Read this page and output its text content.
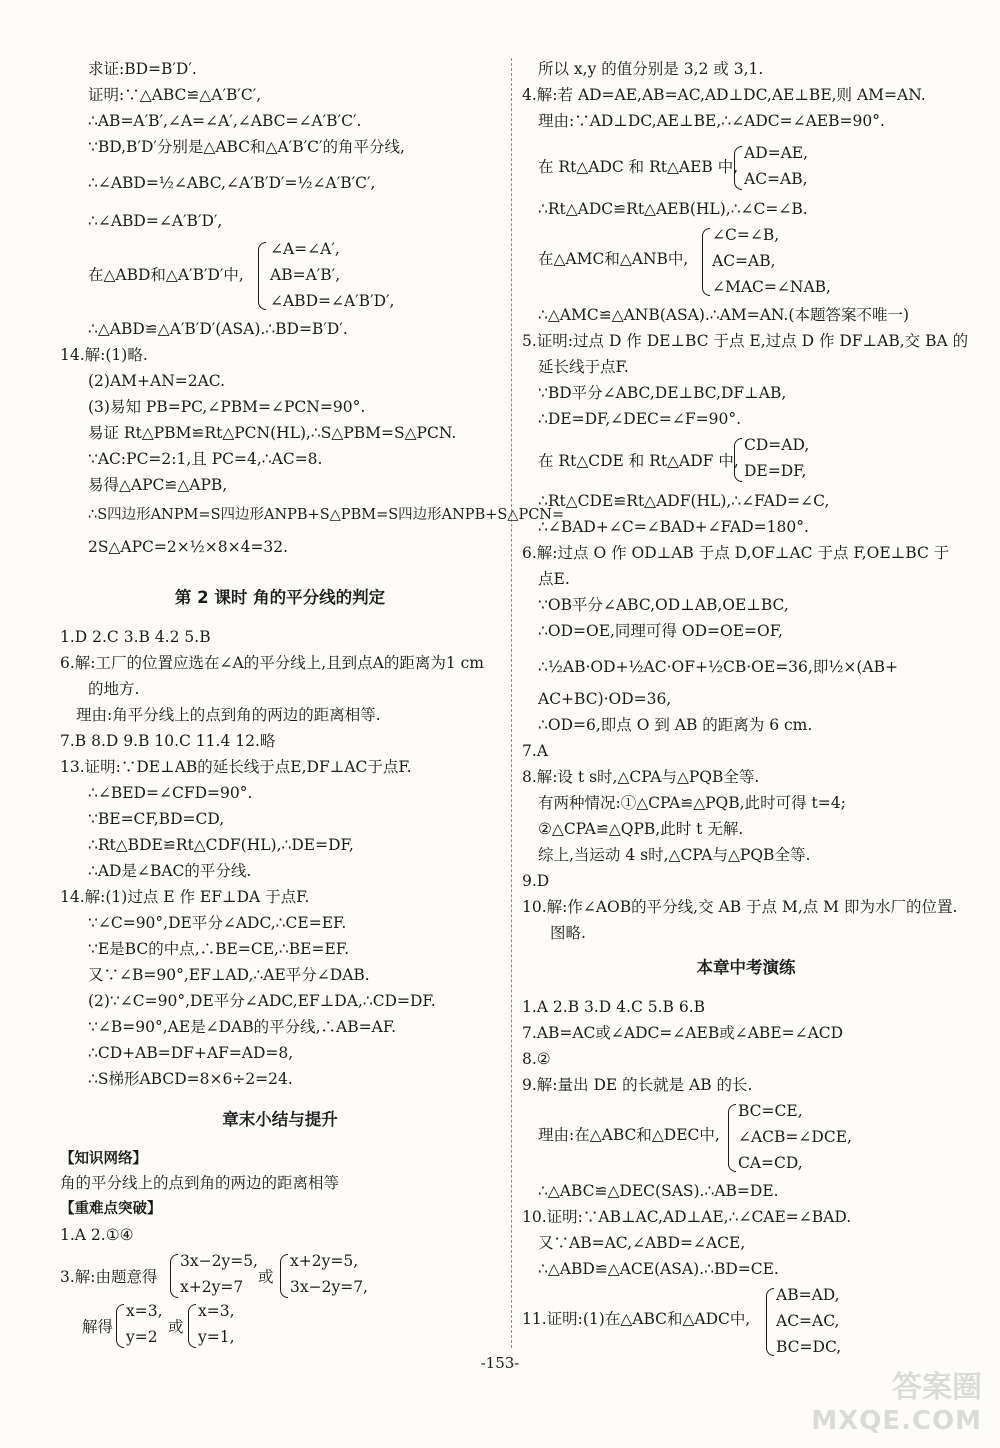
求证:BD=B′D′.
证明:∵△ABC≌△A′B′C′,
∴AB=A′B′,∠A=∠A′,∠ABC=∠A′B′C′.
∵BD,B′D′分别是△ABC和△A′B′C′的角平分线,
∴∠ABD=½∠ABC,∠A′B′D′=½∠A′B′C′,
∴∠ABD=∠A′B′D′,
在△ABD和△A′B′D′中,
∠A=∠A′,
AB=A′B′,
∠ABD=∠A′B′D′,
∴△ABD≌△A′B′D′(ASA).∴BD=B′D′.
14.解:(1)略.
(2)AM+AN=2AC.
(3)易知 PB=PC,∠PBM=∠PCN=90°.
易证 Rt△PBM≌Rt△PCN(HL),∴S△PBM=S△PCN.
∵AC:PC=2:1,且 PC=4,∴AC=8.
易得△APC≌△APB,
∴S四边形ANPM=S四边形ANPB+S△PBM=S四边形ANPB+S△PCN=
2S△APC=2×½×8×4=32.
第 2 课时 角的平分线的判定
1.D 2.C 3.B 4.2 5.B
6.解:工厂的位置应选在∠A的平分线上,且到点A的距离为1 cm
的地方.
理由:角平分线上的点到角的两边的距离相等.
7.B 8.D 9.B 10.C 11.4 12.略
13.证明:∵DE⊥AB的延长线于点E,DF⊥AC于点F.
∴∠BED=∠CFD=90°.
∵BE=CF,BD=CD,
∴Rt△BDE≌Rt△CDF(HL),∴DE=DF,
∴AD是∠BAC的平分线.
14.解:(1)过点 E 作 EF⊥DA 于点F.
∵∠C=90°,DE平分∠ADC,∴CE=EF.
∵E是BC的中点,∴BE=CE,∴BE=EF.
又∵∠B=90°,EF⊥AD,∴AE平分∠DAB.
(2)∵∠C=90°,DE平分∠ADC,EF⊥DA,∴CD=DF.
∵∠B=90°,AE是∠DAB的平分线,∴AB=AF.
∴CD+AB=DF+AF=AD=8,
∴S梯形ABCD=8×6÷2=24.
章末小结与提升
【知识网络】
角的平分线上的点到角的两边的距离相等
【重难点突破】
1.A 2.①④
3.解:由题意得
3x−2y=5,
x+2y=7
或
x+2y=5,
3x−2y=7,
解得
x=3,
y=2
或
x=3,
y=1,
所以 x,y 的值分别是 3,2 或 3,1.
4.解:若 AD=AE,AB=AC,AD⊥DC,AE⊥BE,则 AM=AN.
理由:∵AD⊥DC,AE⊥BE,∴∠ADC=∠AEB=90°.
在 Rt△ADC 和 Rt△AEB 中,
AD=AE,
AC=AB,
∴Rt△ADC≌Rt△AEB(HL),∴∠C=∠B.
在△AMC和△ANB中,
∠C=∠B,
AC=AB,
∠MAC=∠NAB,
∴△AMC≌△ANB(ASA).∴AM=AN.(本题答案不唯一)
5.证明:过点 D 作 DE⊥BC 于点 E,过点 D 作 DF⊥AB,交 BA 的
延长线于点F.
∵BD平分∠ABC,DE⊥BC,DF⊥AB,
∴DE=DF,∠DEC=∠F=90°.
在 Rt△CDE 和 Rt△ADF 中,
CD=AD,
DE=DF,
∴Rt△CDE≌Rt△ADF(HL),∴∠FAD=∠C,
∴∠BAD+∠C=∠BAD+∠FAD=180°.
6.解:过点 O 作 OD⊥AB 于点 D,OF⊥AC 于点 F,OE⊥BC 于
点E.
∵OB平分∠ABC,OD⊥AB,OE⊥BC,
∴OD=OE,同理可得 OD=OE=OF,
∴½AB·OD+½AC·OF+½CB·OE=36,即½×(AB+
AC+BC)·OD=36,
∴OD=6,即点 O 到 AB 的距离为 6 cm.
7.A
8.解:设 t s时,△CPA与△PQB全等.
有两种情况:①△CPA≌△PQB,此时可得 t=4;
②△CPA≌△QPB,此时 t 无解.
综上,当运动 4 s时,△CPA与△PQB全等.
9.D
10.解:作∠AOB的平分线,交 AB 于点 M,点 M 即为水厂的位置.
图略.
本章中考演练
1.A 2.B 3.D 4.C 5.B 6.B
7.AB=AC或∠ADC=∠AEB或∠ABE=∠ACD
8.②
9.解:量出 DE 的长就是 AB 的长.
理由:在△ABC和△DEC中,
BC=CE,
∠ACB=∠DCE,
CA=CD,
∴△ABC≌△DEC(SAS).∴AB=DE.
10.证明:∵AB⊥AC,AD⊥AE,∴∠CAE=∠BAD.
又∵AB=AC,∠ABD=∠ACE,
∴△ABD≌△ACE(ASA).∴BD=CE.
11.证明:(1)在△ABC和△ADC中,
AB=AD,
AC=AC,
BC=DC,
-153-
答案圈
MXQE.COM
